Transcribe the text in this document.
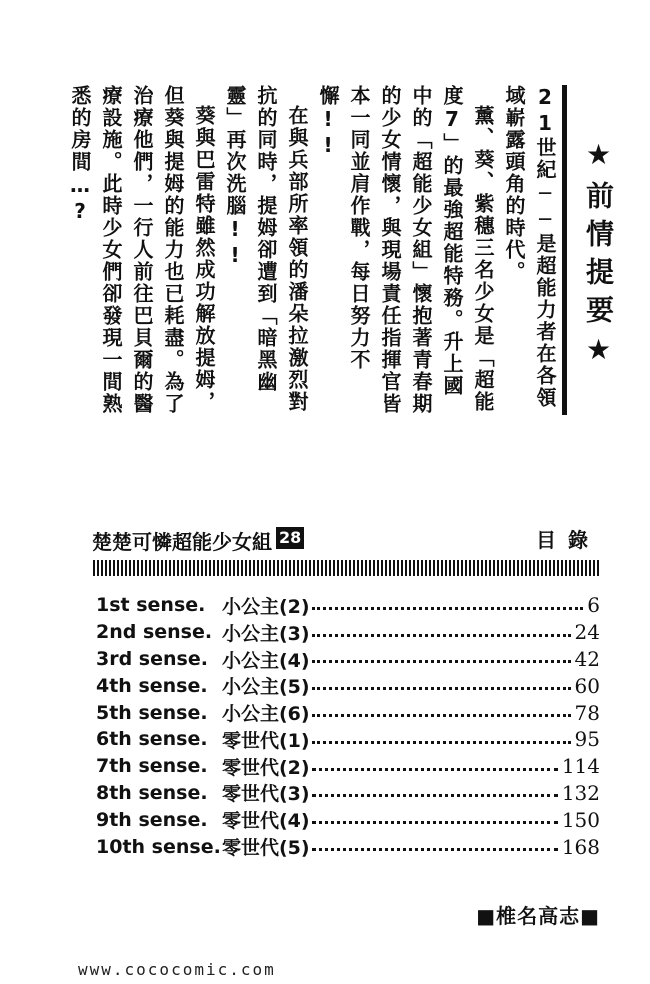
21世紀──是超能力者在各領域嶄露頭角的時代。

薰、葵、紫穗三名少女是「超能度7」的最強超能特務。升上國中的「超能少女組」懷抱著青春期的少女情懷，與現場責任指揮官皆本一同並肩作戰，每日努力不懈!!

在與兵部所率領的潘朵拉激烈對抗的同時，提姆卻遭到「暗黑幽靈」再次洗腦!!

葵與巴雷特雖然成功解放提姆，但葵與提姆的能力也已耗盡。為了治療他們，一行人前往巴貝爾的醫療設施。此時少女們卻發現一間熟悉的房間…?	★前情提要★
楚楚可憐超能少女組 28	目錄
1st sense. 小公主(2)	6
2nd sense. 小公主(3)	24
3rd sense. 小公主(4)	42
4th sense. 小公主(5)	60
5th sense. 小公主(6)	78
6th sense. 零世代(1)	95
7th sense. 零世代(2)	114
8th sense. 零世代(3)	132
9th sense. 零世代(4)	150
10th sense. 零世代(5)	168
■椎名高志■
www.cococomic.com
